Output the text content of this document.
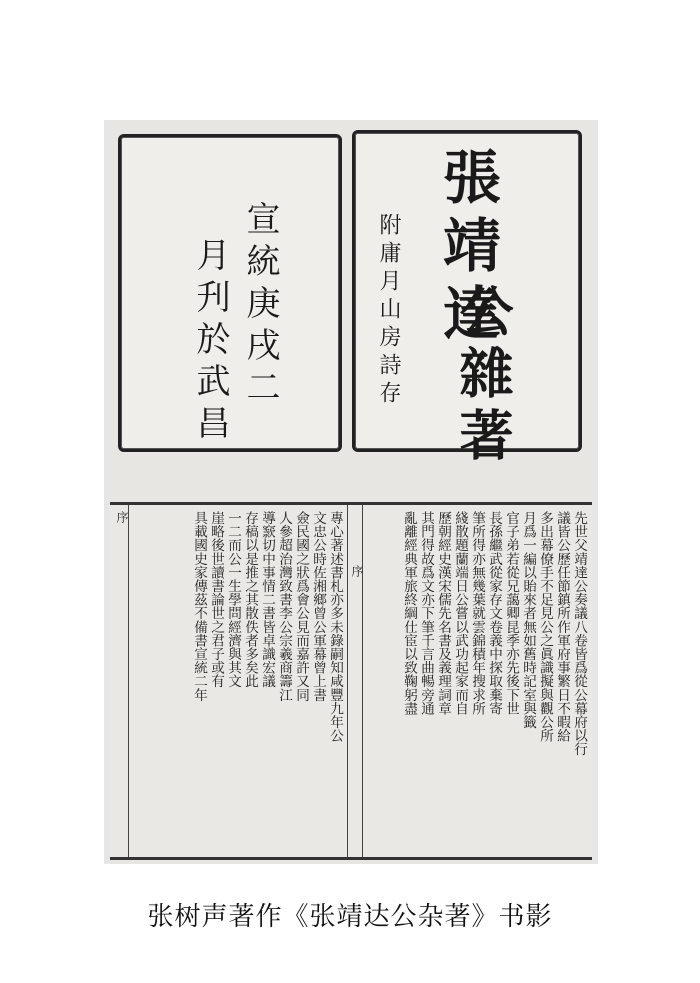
宣統庚戌二
月刋於武昌	張靖達
公雜著
附庸月山房詩存
序	專心著述書札亦多未錄嗣知咸豐九年公
文忠公時佐湘鄉曾公軍幕曾上書
僉民國之狀爲會公見而嘉許又同
人參超治灣致書李公宗羲商籌江
導窾切中事情二書皆卓識宏議
存稿以是推之其散佚者多矣此
一二而公一生學問經濟與其文
崖略後世讀書論世之君子或有
具載國史家傳茲不備書宣統二年	序	先世父靖達公奏議八卷皆爲從公幕府以行
議皆公歷任節鎮所作軍府事繁日不暇給
多出幕僚手不足見公之眞識擬與觀公所
月爲一編以貽來者無如舊時記室與籤
官子弟若從兄藹卿昆季亦先後下世
長孫繼武從家存文卷義中探取棄寄
筆所得亦無幾葉就雲錦積年搜求所
綫散題蘭端日公嘗以武功起家而自
歷朝經史漢宋儒先名書及義理詞章
其門得故爲文亦下筆千言曲暢旁通
亂離經典軍旅終綱仕宦以致鞠躬盡
张树声著作《张靖达公杂著》书影
